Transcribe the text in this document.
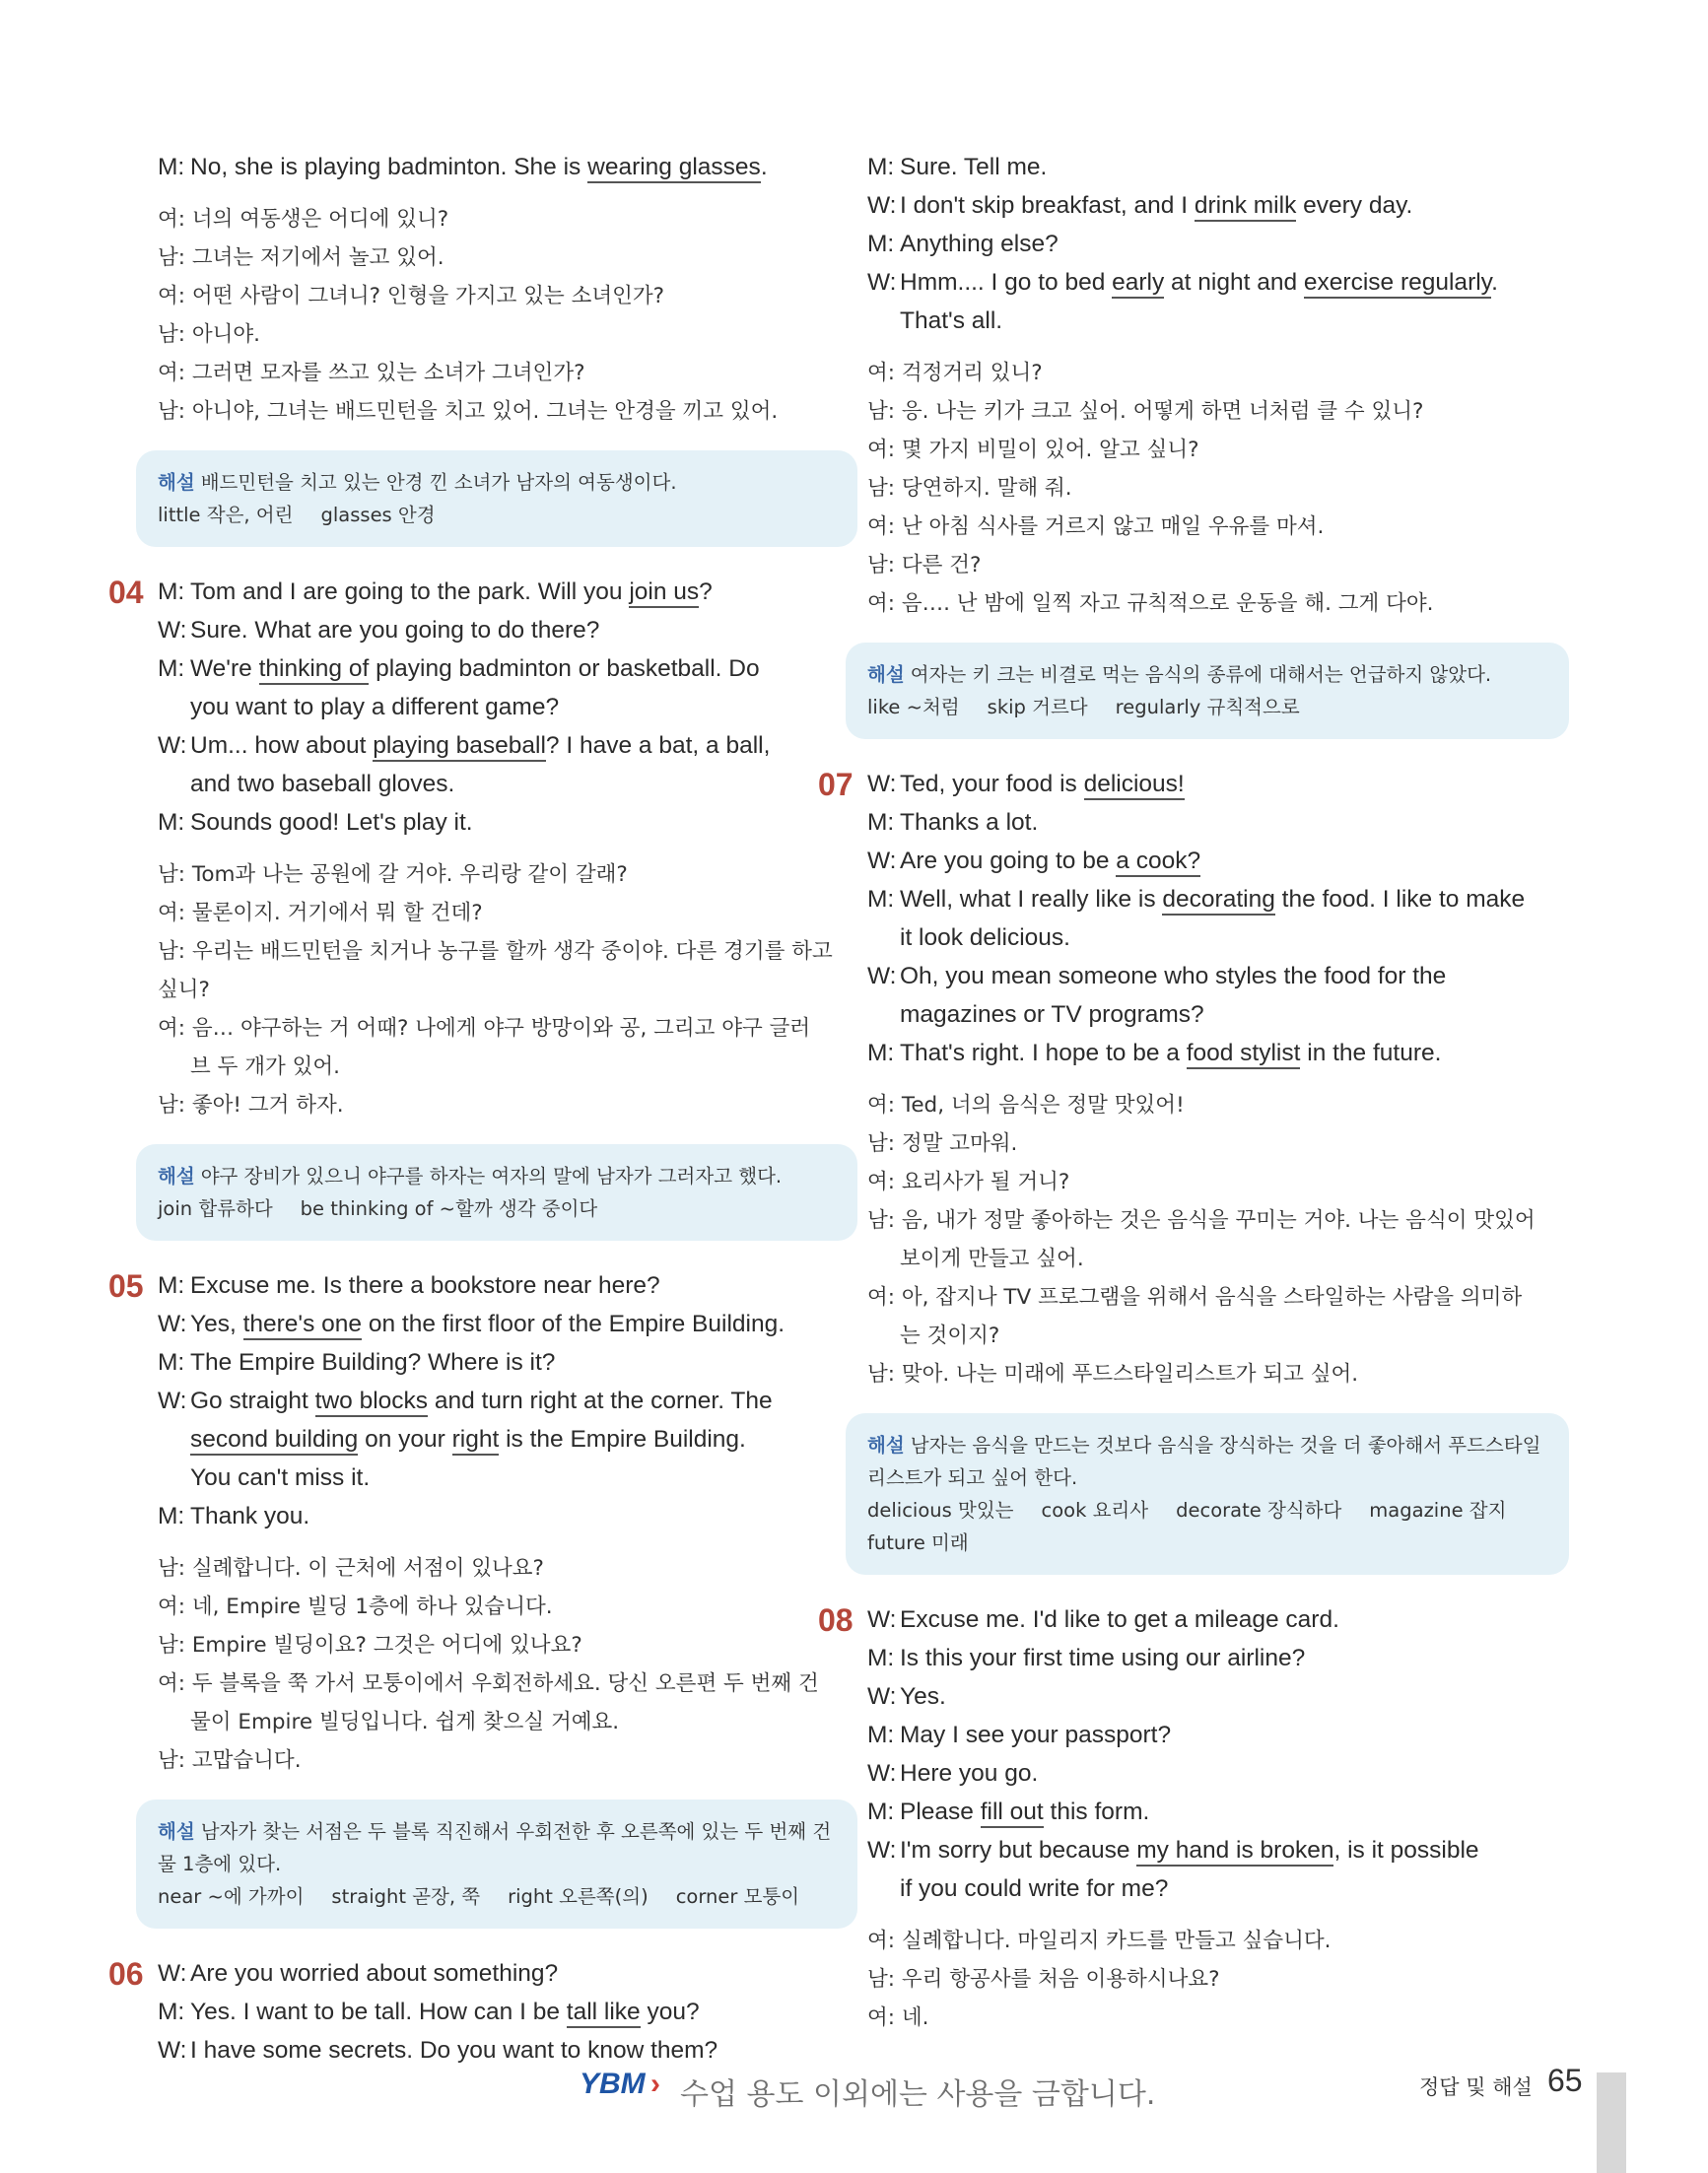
M: No, she is playing badminton. She is wearing glasses.
여: 너의 여동생은 어디에 있니?
남: 그녀는 저기에서 놀고 있어.
여: 어떤 사람이 그녀니? 인형을 가지고 있는 소녀인가?
남: 아니야.
여: 그러면 모자를 쓰고 있는 소녀가 그녀인가?
남: 아니야, 그녀는 배드민턴을 치고 있어. 그녀는 안경을 끼고 있어.
해설 배드민턴을 치고 있는 안경 낀 소녀가 남자의 여동생이다.
little 작은, 어린 glasses 안경
04 M: Tom and I are going to the park. Will you join us?
W: Sure. What are you going to do there?
M: We're thinking of playing badminton or basketball. Do
you want to play a different game?
W: Um... how about playing baseball? I have a bat, a ball,
and two baseball gloves.
M: Sounds good! Let's play it.
남: Tom과 나는 공원에 갈 거야. 우리랑 같이 갈래?
여: 물론이지. 거기에서 뭐 할 건데?
남: 우리는 배드민턴을 치거나 농구를 할까 생각 중이야. 다른 경기를 하고 싶니?
여: 음… 야구하는 거 어때? 나에게 야구 방망이와 공, 그리고 야구 글러
브 두 개가 있어.
남: 좋아! 그거 하자.
해설 야구 장비가 있으니 야구를 하자는 여자의 말에 남자가 그러자고 했다.
join 합류하다 be thinking of ~할까 생각 중이다
05 M: Excuse me. Is there a bookstore near here?
W: Yes, there's one on the first floor of the Empire Building.
M: The Empire Building? Where is it?
W: Go straight two blocks and turn right at the corner. The
second building on your right is the Empire Building.
You can't miss it.
M: Thank you.
남: 실례합니다. 이 근처에 서점이 있나요?
여: 네, Empire 빌딩 1층에 하나 있습니다.
남: Empire 빌딩이요? 그것은 어디에 있나요?
여: 두 블록을 쭉 가서 모퉁이에서 우회전하세요. 당신 오른편 두 번째 건
물이 Empire 빌딩입니다. 쉽게 찾으실 거예요.
남: 고맙습니다.
해설 남자가 찾는 서점은 두 블록 직진해서 우회전한 후 오른쪽에 있는 두 번째 건물 1층에 있다.
near ~에 가까이 straight 곧장, 쭉 right 오른쪽(의) corner 모퉁이
06 W: Are you worried about something?
M: Yes. I want to be tall. How can I be tall like you?
W: I have some secrets. Do you want to know them?
M: Sure. Tell me.
W: I don't skip breakfast, and I drink milk every day.
M: Anything else?
W: Hmm.... I go to bed early at night and exercise regularly.
That's all.
여: 걱정거리 있니?
남: 응. 나는 키가 크고 싶어. 어떻게 하면 너처럼 클 수 있니?
여: 몇 가지 비밀이 있어. 알고 싶니?
남: 당연하지. 말해 줘.
여: 난 아침 식사를 거르지 않고 매일 우유를 마셔.
남: 다른 건?
여: 음…. 난 밤에 일찍 자고 규칙적으로 운동을 해. 그게 다야.
해설 여자는 키 크는 비결로 먹는 음식의 종류에 대해서는 언급하지 않았다.
like ~처럼 skip 거르다 regularly 규칙적으로
07 W: Ted, your food is delicious!
M: Thanks a lot.
W: Are you going to be a cook?
M: Well, what I really like is decorating the food. I like to make
it look delicious.
W: Oh, you mean someone who styles the food for the
magazines or TV programs?
M: That's right. I hope to be a food stylist in the future.
여: Ted, 너의 음식은 정말 맛있어!
남: 정말 고마워.
여: 요리사가 될 거니?
남: 음, 내가 정말 좋아하는 것은 음식을 꾸미는 거야. 나는 음식이 맛있어
보이게 만들고 싶어.
여: 아, 잡지나 TV 프로그램을 위해서 음식을 스타일하는 사람을 의미하
는 것이지?
남: 맞아. 나는 미래에 푸드스타일리스트가 되고 싶어.
해설 남자는 음식을 만드는 것보다 음식을 장식하는 것을 더 좋아해서 푸드스타일리스트가 되고 싶어 한다.
delicious 맛있는 cook 요리사 decorate 장식하다 magazine 잡지future 미래
08 W: Excuse me. I'd like to get a mileage card.
M: Is this your first time using our airline?
W: Yes.
M: May I see your passport?
W: Here you go.
M: Please fill out this form.
W: I'm sorry but because my hand is broken, is it possible
if you could write for me?
여: 실례합니다. 마일리지 카드를 만들고 싶습니다.
남: 우리 항공사를 처음 이용하시나요?
여: 네.
YBM › 수업 용도 이외에는 사용을 금합니다.	정답 및 해설 65
